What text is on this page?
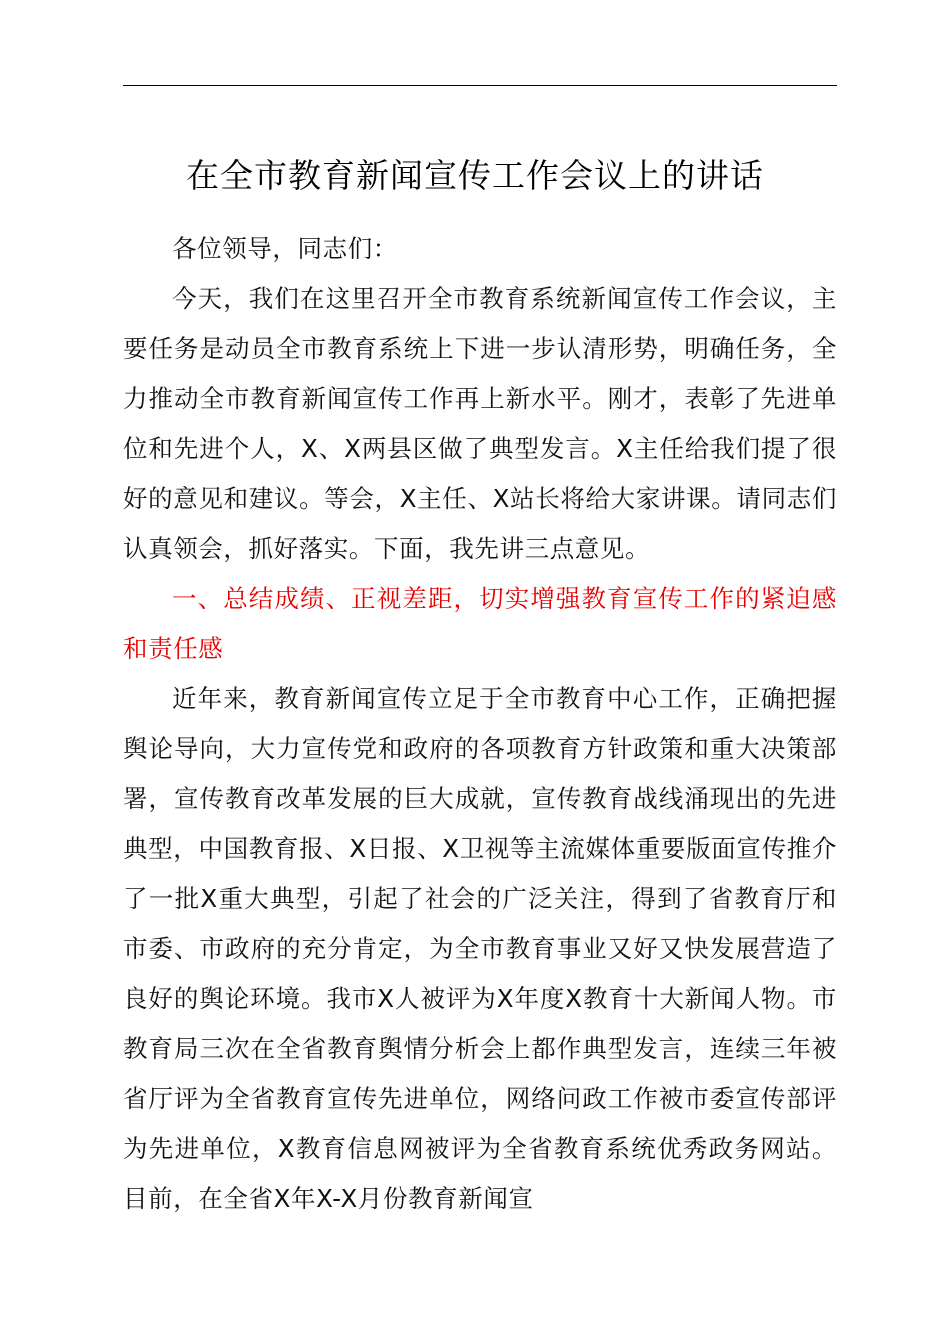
在全市教育新闻宣传工作会议上的讲话

各位领导，同志们：

今天，我们在这里召开全市教育系统新闻宣传工作会议，主要任务是动员全市教育系统上下进一步认清形势，明确任务，全力推动全市教育新闻宣传工作再上新水平。刚才，表彰了先进单位和先进个人，X、X两县区做了典型发言。X主任给我们提了很好的意见和建议。等会，X主任、X站长将给大家讲课。请同志们认真领会，抓好落实。下面，我先讲三点意见。

一、总结成绩、正视差距，切实增强教育宣传工作的紧迫感和责任感

近年来，教育新闻宣传立足于全市教育中心工作，正确把握舆论导向，大力宣传党和政府的各项教育方针政策和重大决策部署，宣传教育改革发展的巨大成就，宣传教育战线涌现出的先进典型，中国教育报、X日报、X卫视等主流媒体重要版面宣传推介了一批X重大典型，引起了社会的广泛关注，得到了省教育厅和市委、市政府的充分肯定，为全市教育事业又好又快发展营造了良好的舆论环境。我市X人被评为X年度X教育十大新闻人物。市教育局三次在全省教育舆情分析会上都作典型发言，连续三年被省厅评为全省教育宣传先进单位，网络问政工作被市委宣传部评为先进单位，X教育信息网被评为全省教育系统优秀政务网站。目前，在全省X年X-X月份教育新闻宣
